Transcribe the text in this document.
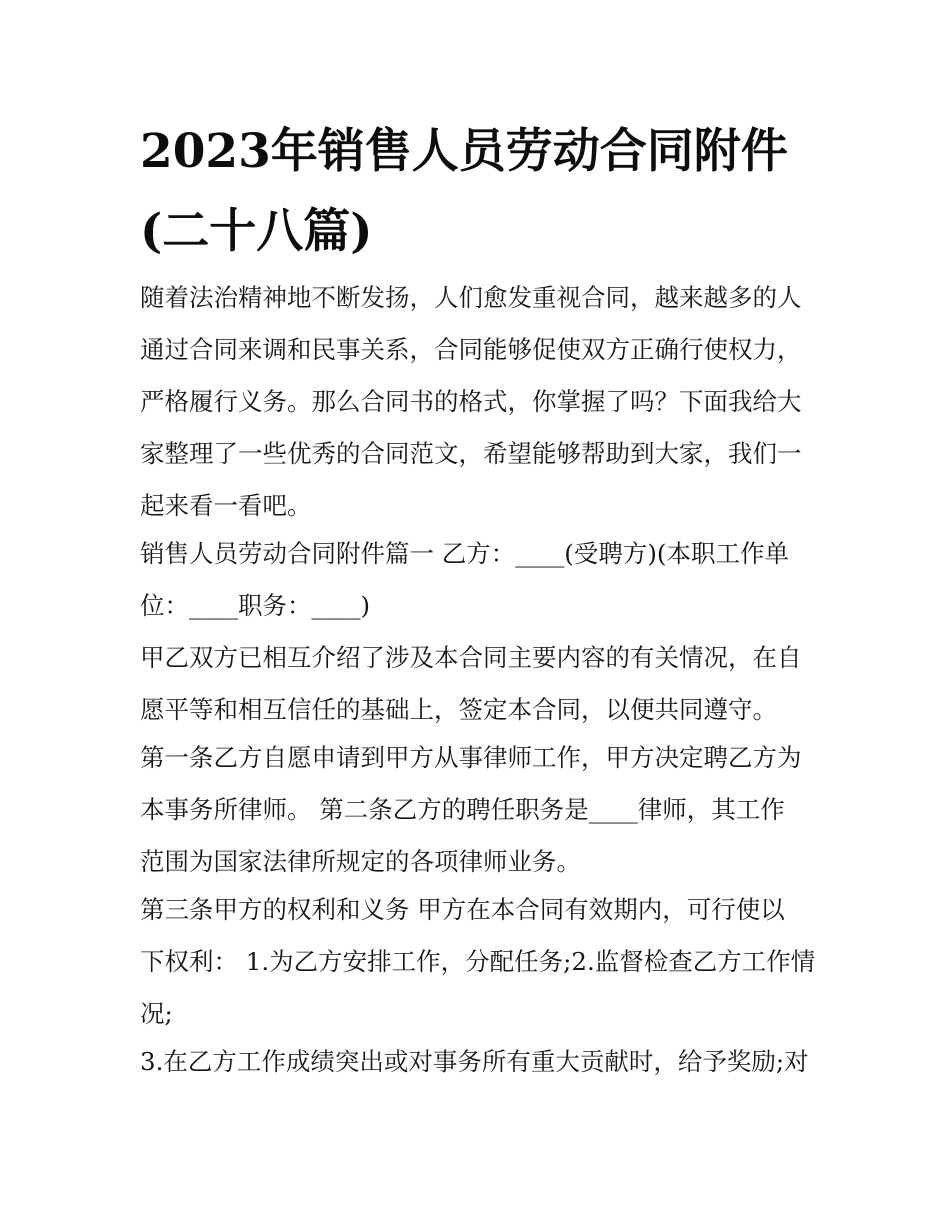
2023年销售人员劳动合同附件
(二十八篇)
随着法治精神地不断发扬，人们愈发重视合同，越来越多的人
通过合同来调和民事关系，合同能够促使双方正确行使权力，
严格履行义务。那么合同书的格式，你掌握了吗？下面我给大
家整理了一些优秀的合同范文，希望能够帮助到大家，我们一
起来看一看吧。
销售人员劳动合同附件篇一 乙方：____(受聘方)(本职工作单
位：____职务：____)
甲乙双方已相互介绍了涉及本合同主要内容的有关情况，在自
愿平等和相互信任的基础上，签定本合同，以便共同遵守。
第一条乙方自愿申请到甲方从事律师工作，甲方决定聘乙方为
本事务所律师。 第二条乙方的聘任职务是____律师，其工作
范围为国家法律所规定的各项律师业务。
第三条甲方的权利和义务 甲方在本合同有效期内，可行使以
下权利： 1.为乙方安排工作，分配任务;2.监督检查乙方工作情
况;
3.在乙方工作成绩突出或对事务所有重大贡献时，给予奖励;对
